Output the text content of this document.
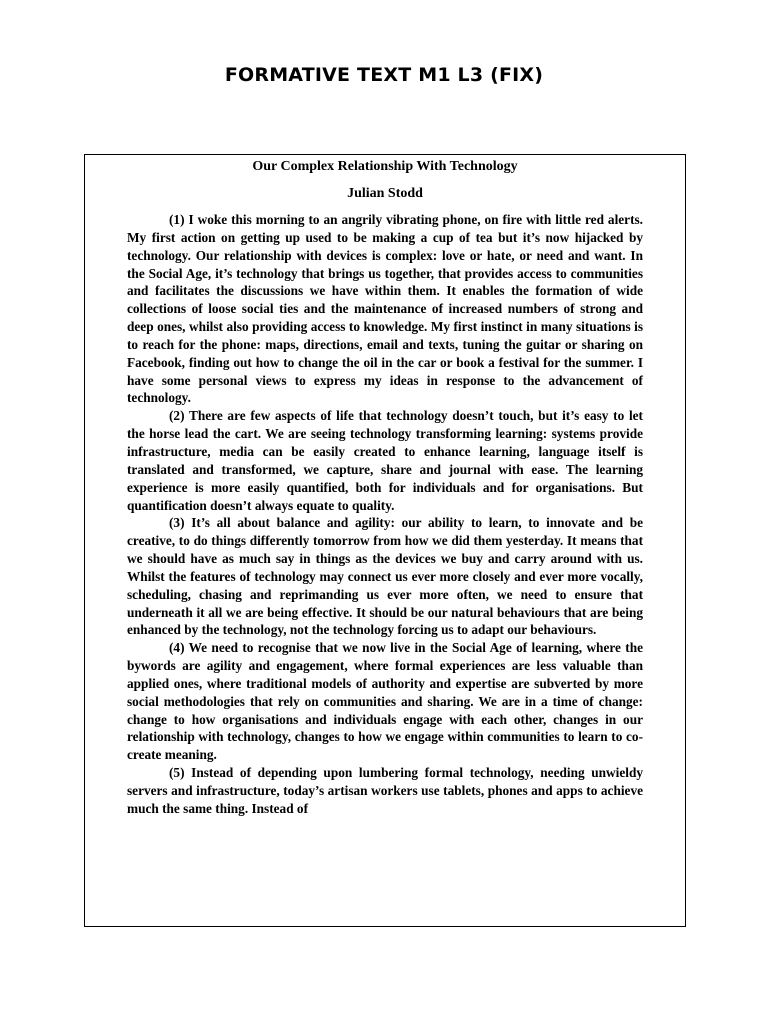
FORMATIVE TEXT M1 L3 (FIX)

Our Complex Relationship With Technology

Julian Stodd

(1) I woke this morning to an angrily vibrating phone, on fire with little red alerts. My first action on getting up used to be making a cup of tea but it’s now hijacked by technology. Our relationship with devices is complex: love or hate, or need and want. In the Social Age, it’s technology that brings us together, that provides access to communities and facilitates the discussions we have within them. It enables the formation of wide collections of loose social ties and the maintenance of increased numbers of strong and deep ones, whilst also providing access to knowledge. My first instinct in many situations is to reach for the phone: maps, directions, email and texts, tuning the guitar or sharing on Facebook, finding out how to change the oil in the car or book a festival for the summer. I have some personal views to express my ideas in response to the advancement of technology.

(2) There are few aspects of life that technology doesn’t touch, but it’s easy to let the horse lead the cart. We are seeing technology transforming learning: systems provide infrastructure, media can be easily created to enhance learning, language itself is translated and transformed, we capture, share and journal with ease. The learning experience is more easily quantified, both for individuals and for organisations. But quantification doesn’t always equate to quality.

(3) It’s all about balance and agility: our ability to learn, to innovate and be creative, to do things differently tomorrow from how we did them yesterday. It means that we should have as much say in things as the devices we buy and carry around with us. Whilst the features of technology may connect us ever more closely and ever more vocally, scheduling, chasing and reprimanding us ever more often, we need to ensure that underneath it all we are being effective. It should be our natural behaviours that are being enhanced by the technology, not the technology forcing us to adapt our behaviours.

(4) We need to recognise that we now live in the Social Age of learning, where the bywords are agility and engagement, where formal experiences are less valuable than applied ones, where traditional models of authority and expertise are subverted by more social methodologies that rely on communities and sharing. We are in a time of change: change to how organisations and individuals engage with each other, changes in our relationship with technology, changes to how we engage within communities to learn to co-create meaning.

(5) Instead of depending upon lumbering formal technology, needing unwieldy servers and infrastructure, today’s artisan workers use tablets, phones and apps to achieve much the same thing. Instead of
